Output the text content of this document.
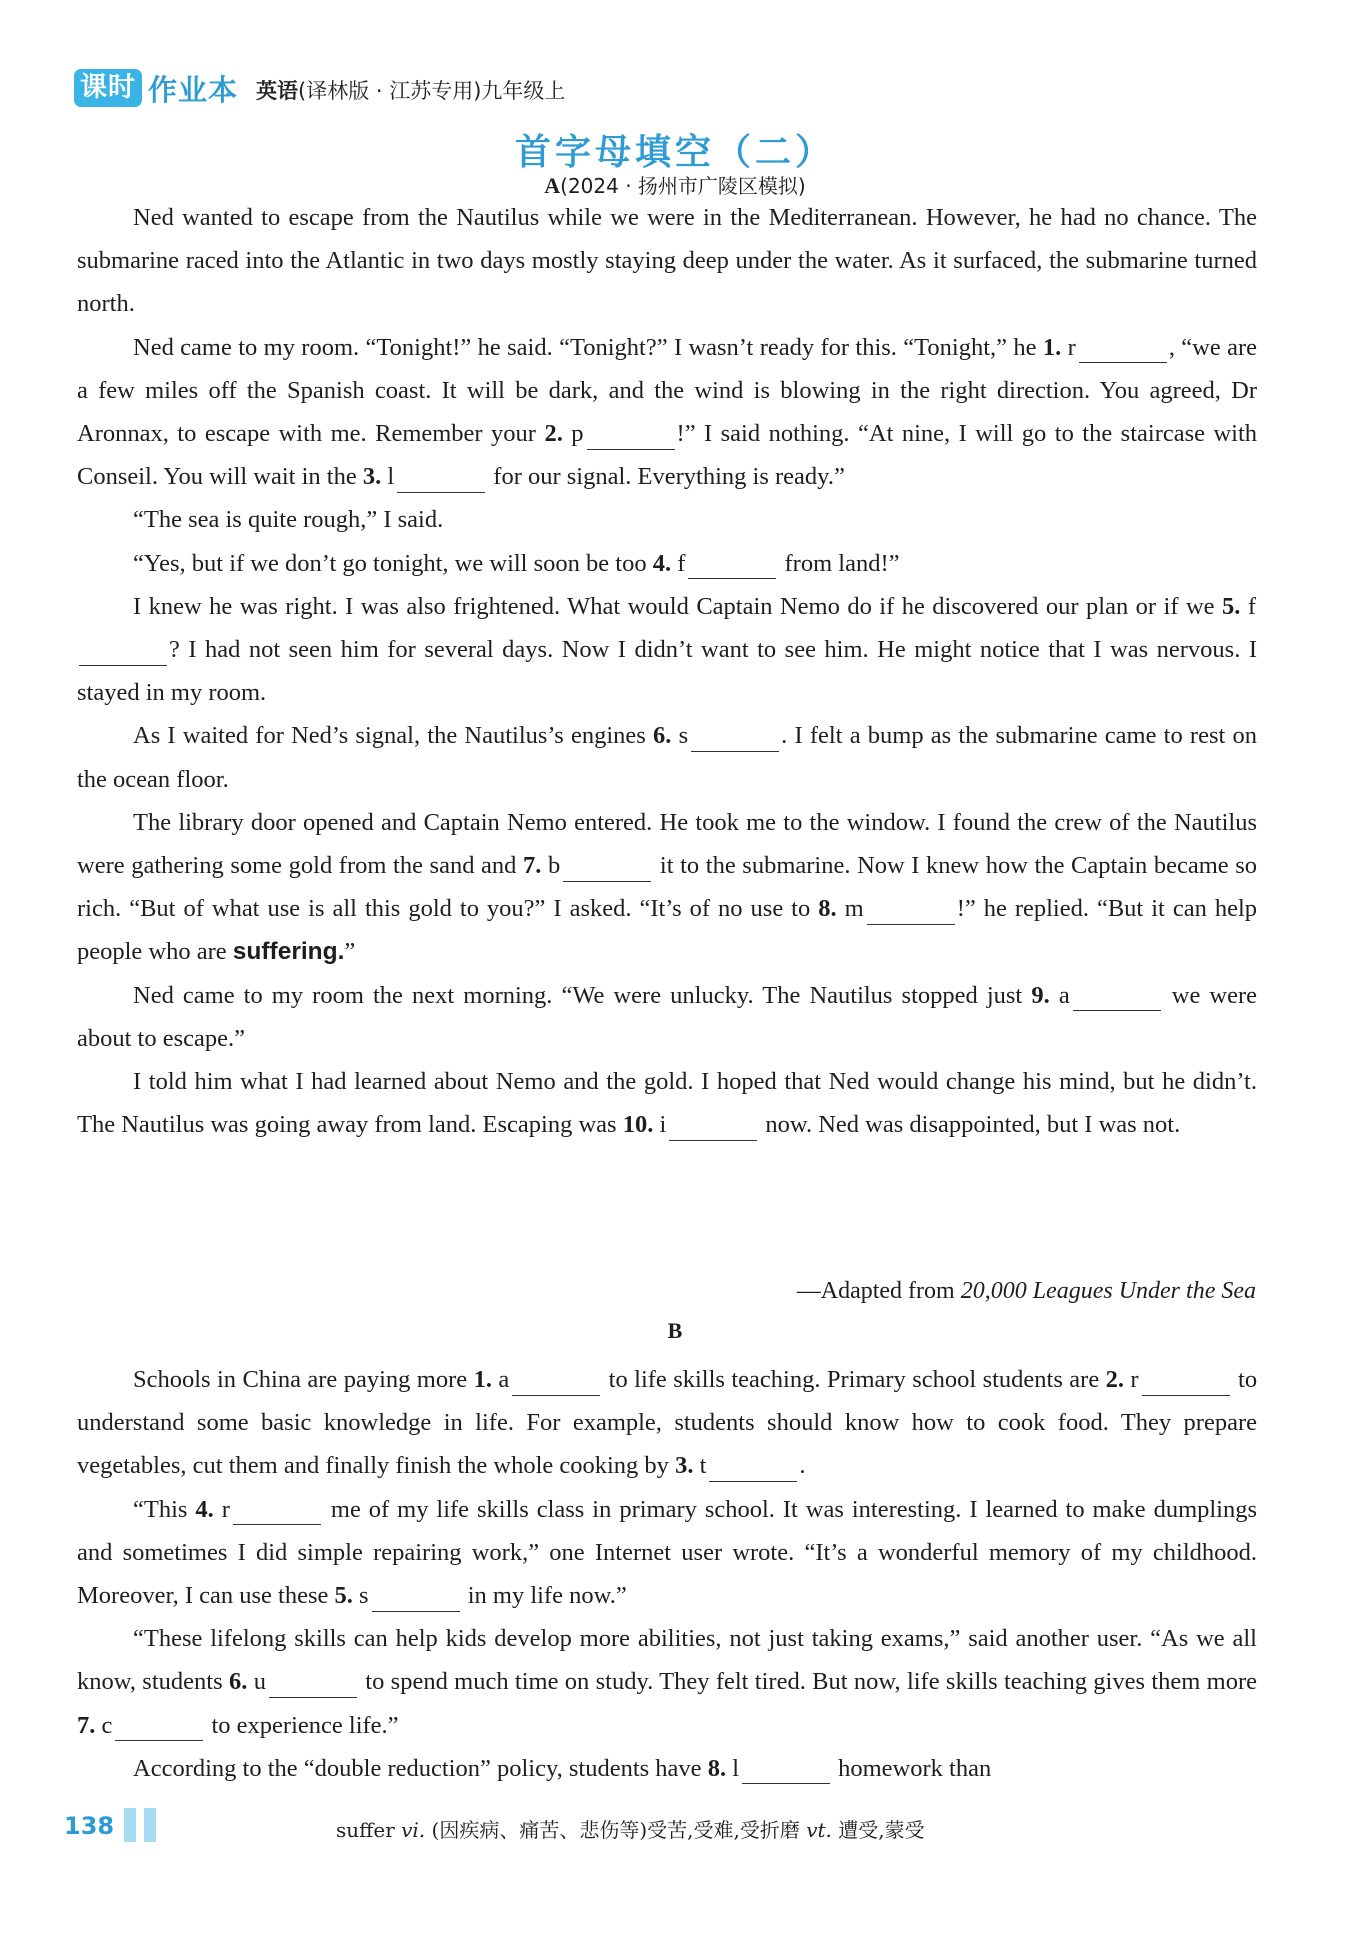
课时 作业本 英语(译林版 · 江苏专用)九年级上
首字母填空（二）
A(2024 · 扬州市广陵区模拟)

Ned wanted to escape from the Nautilus while we were in the Mediterranean. However, he had no chance. The submarine raced into the Atlantic in two days mostly staying deep under the water. As it surfaced, the submarine turned north.

Ned came to my room. “Tonight!” he said. “Tonight?” I wasn’t ready for this. “Tonight,” he 1. r	, “we are a few miles off the Spanish coast. It will be dark, and the wind is blowing in the right direction. You agreed, Dr Aronnax, to escape with me. Remember your 2. p	!” I said nothing. “At nine, I will go to the staircase with Conseil. You will wait in the 3. l	for our signal. Everything is ready.”

“The sea is quite rough,” I said.

“Yes, but if we don’t go tonight, we will soon be too 4. f	from land!”

I knew he was right. I was also frightened. What would Captain Nemo do if he discovered our plan or if we 5. f? I had not seen him for several days. Now I didn’t want to see him. He might notice that I was nervous. I stayed in my room.

As I waited for Ned’s signal, the Nautilus’s engines 6. s	. I felt a bump as the submarine came to rest on the ocean floor.

The library door opened and Captain Nemo entered. He took me to the window. I found the crew of the Nautilus were gathering some gold from the sand and 7. b	it to the submarine. Now I knew how the Captain became so rich. “But of what use is all this gold to you?” I asked. “It’s of no use to 8. m	!” he replied. “But it can help people who are suffering.”

Ned came to my room the next morning. “We were unlucky. The Nautilus stopped just 9. a	we were about to escape.”

I told him what I had learned about Nemo and the gold. I hoped that Ned would change his mind, but he didn’t. The Nautilus was going away from land. Escaping was 10. i	now. Ned was disappointed, but I was not.

—Adapted from 20,000 Leagues Under the Sea
B

Schools in China are paying more 1. a	to life skills teaching. Primary school students are 2. r	to understand some basic knowledge in life. For example, students should know how to cook food. They prepare vegetables, cut them and finally finish the whole cooking by 3. t	.

“This 4. r	me of my life skills class in primary school. It was interesting. I learned to make dumplings and sometimes I did simple repairing work,” one Internet user wrote. “It’s a wonderful memory of my childhood. Moreover, I can use these 5. s	in my life now.”

“These lifelong skills can help kids develop more abilities, not just taking exams,” said another user. “As we all know, students 6. u	to spend much time on study. They felt tired. But now, life skills teaching gives them more 7. c	to experience life.”

According to the “double reduction” policy, students have 8. l	homework than

138	suffer vi. (因疾病、痛苦、悲伤等)受苦,受难,受折磨 vt. 遭受,蒙受
